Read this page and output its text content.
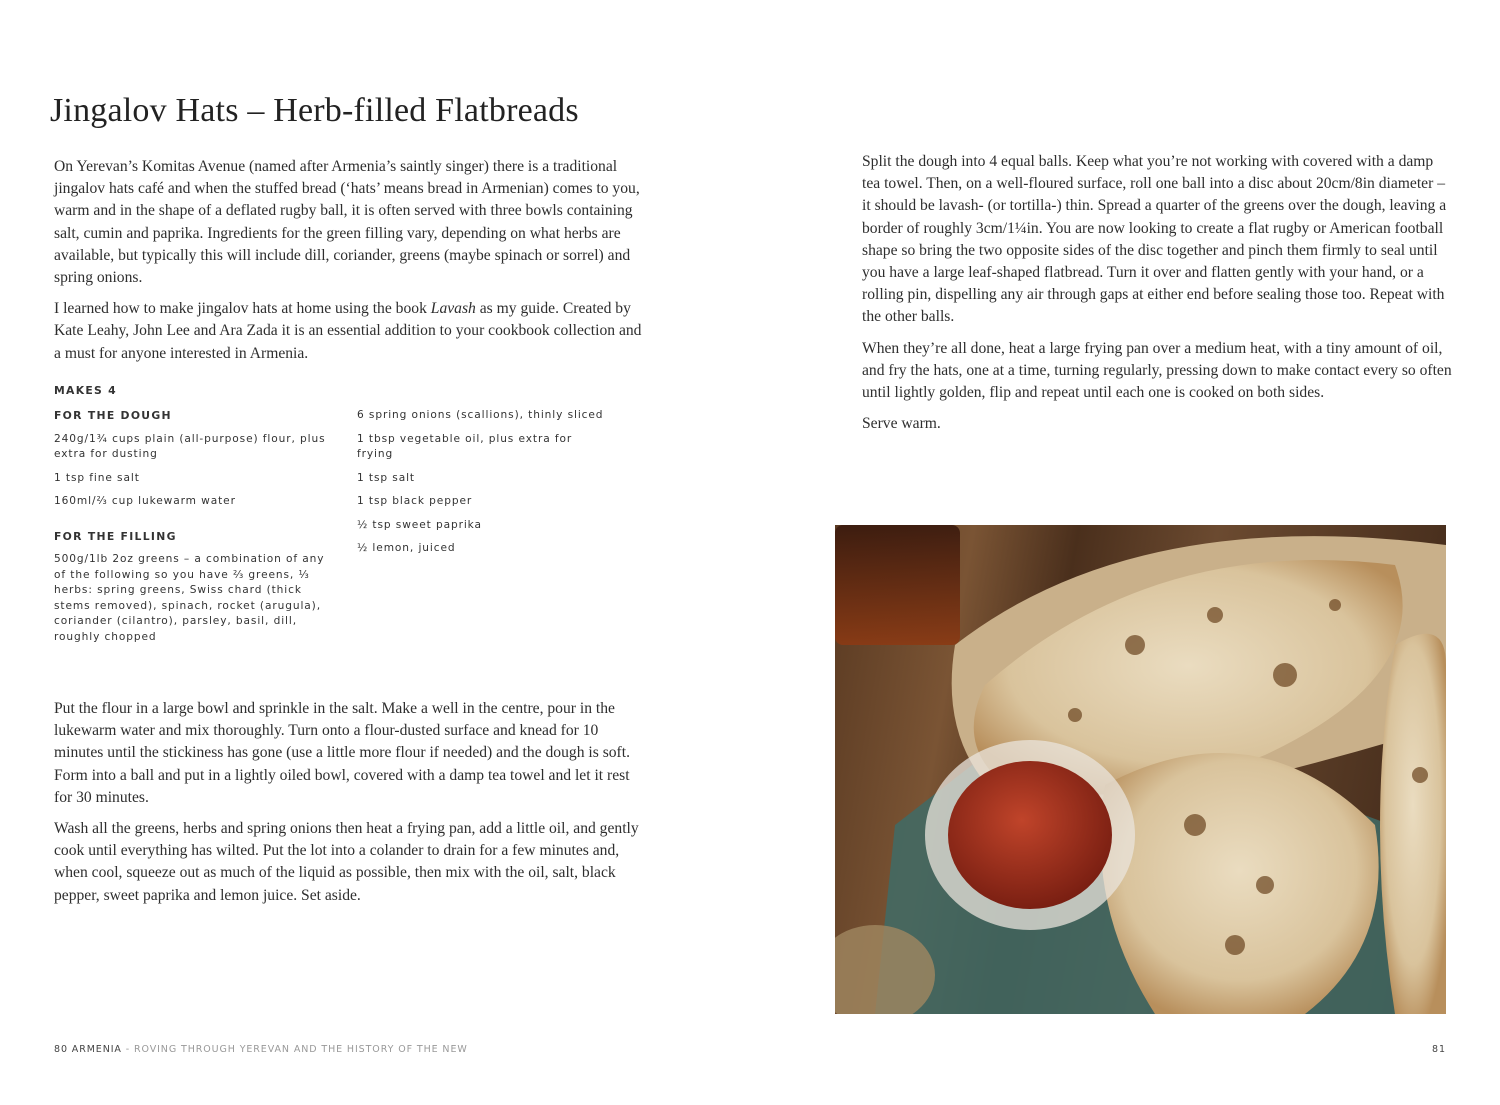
Jingalov Hats – Herb-filled Flatbreads

On Yerevan’s Komitas Avenue (named after Armenia’s saintly singer) there is a traditional jingalov hats café and when the stuffed bread (‘hats’ means bread in Armenian) comes to you, warm and in the shape of a deflated rugby ball, it is often served with three bowls containing salt, cumin and paprika. Ingredients for the green filling vary, depending on what herbs are available, but typically this will include dill, coriander, greens (maybe spinach or sorrel) and spring onions.

I learned how to make jingalov hats at home using the book Lavash as my guide. Created by Kate Leahy, John Lee and Ara Zada it is an essential addition to your cookbook collection and a must for anyone interested in Armenia.

MAKES 4
FOR THE DOUGH

240g/1¾ cups plain (all-purpose) flour, plus extra for dusting

1 tsp fine salt

160ml/⅔ cup lukewarm water

FOR THE FILLING

500g/1lb 2oz greens – a combination of any of the following so you have ⅔ greens, ⅓ herbs: spring greens, Swiss chard (thick stems removed), spinach, rocket (arugula), coriander (cilantro), parsley, basil, dill, roughly chopped

6 spring onions (scallions), thinly sliced

1 tbsp vegetable oil, plus extra for frying

1 tsp salt

1 tsp black pepper

½ tsp sweet paprika

½ lemon, juiced

Put the flour in a large bowl and sprinkle in the salt. Make a well in the centre, pour in the lukewarm water and mix thoroughly. Turn onto a flour-dusted surface and knead for 10 minutes until the stickiness has gone (use a little more flour if needed) and the dough is soft. Form into a ball and put in a lightly oiled bowl, covered with a damp tea towel and let it rest for 30 minutes.

Wash all the greens, herbs and spring onions then heat a frying pan, add a little oil, and gently cook until everything has wilted. Put the lot into a colander to drain for a few minutes and, when cool, squeeze out as much of the liquid as possible, then mix with the oil, salt, black pepper, sweet paprika and lemon juice. Set aside.

Split the dough into 4 equal balls. Keep what you’re not working with covered with a damp tea towel. Then, on a well-floured surface, roll one ball into a disc about 20cm/8in diameter – it should be lavash- (or tortilla-) thin. Spread a quarter of the greens over the dough, leaving a border of roughly 3cm/1¼in. You are now looking to create a flat rugby or American football shape so bring the two opposite sides of the disc together and pinch them firmly to seal until you have a large leaf-shaped flatbread. Turn it over and flatten gently with your hand, or a rolling pin, dispelling any air through gaps at either end before sealing those too. Repeat with the other balls.

When they’re all done, heat a large frying pan over a medium heat, with a tiny amount of oil, and fry the hats, one at a time, turning regularly, pressing down to make contact every so often until lightly golden, flip and repeat until each one is cooked on both sides.

Serve warm.

80 ARMENIA - ROVING THROUGH YEREVAN AND THE HISTORY OF THE NEW	81
